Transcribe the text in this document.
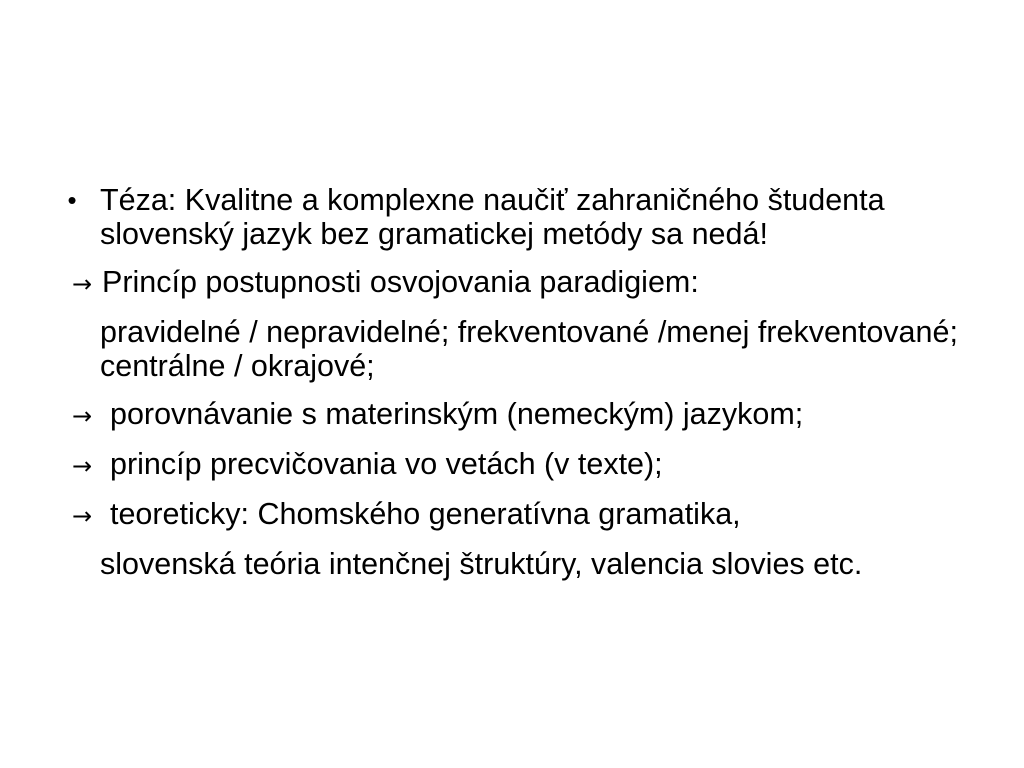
• Téza: Kvalitne a komplexne naučiť zahraničného študenta slovenský jazyk bez gramatickej metódy sa nedá!
→ Princíp postupnosti osvojovania paradigiem:
pravidelné / nepravidelné; frekventované /menej frekventované; centrálne / okrajové;
→ porovnávanie s materinským (nemeckým) jazykom;
→ princíp precvičovania vo vetách (v texte);
→ teoreticky: Chomského generatívna gramatika,
slovenská teória intenčnej štruktúry, valencia slovies etc.
